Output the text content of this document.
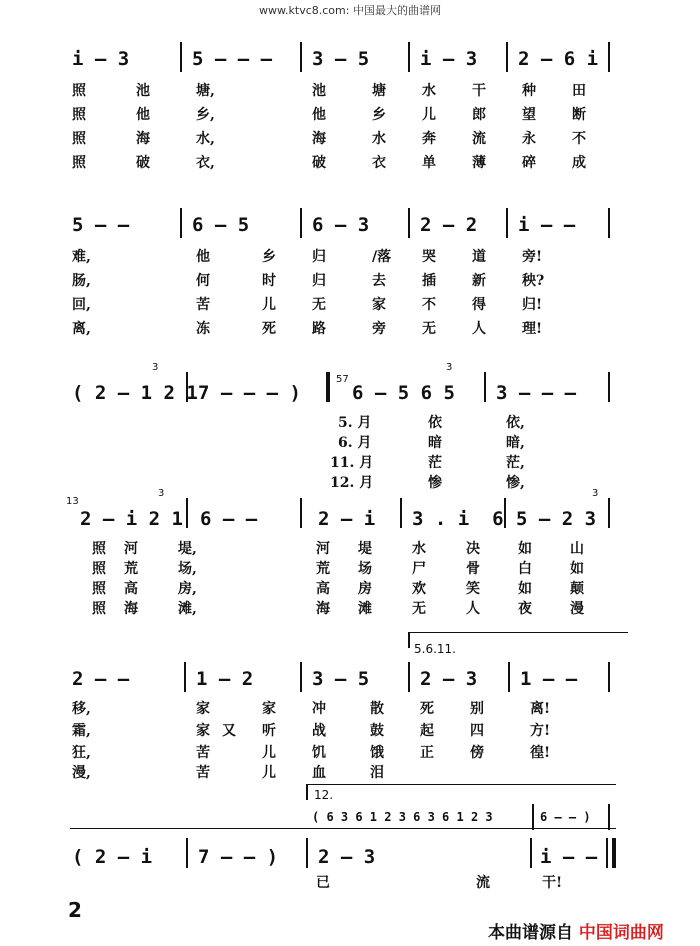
www.ktvc8.com: 中国最大的曲谱网
i — 3	5 — — — 3 — 5	i — 3 2 — 6 i
照	池	塘,	池	塘	水	干	种	田
照	他	乡,	他	乡	儿	郎	望	断
照	海	水,	海	水	奔	流	永	不
照	破	衣,	破	衣	单	薄	碎	成
5 — —	6 — 5	6 — 3	2 — 2 i — —
难,	他	乡	归	/落 哭	道	旁!
肠,	何	时	归	去	插	新	秧?
回,	苦	儿	无	家	不	得	归!
离,	冻	死	路	旁	无	人	理!
3	3
57
( 2 — 1 2 1 7 — — — )	6 — 5 6 5 3 — — —
5. 月	依	依,
6. 月	暗	暗,
11. 月	茫	茫,
12. 月	惨	惨,
13
3	3
2 — i 2 1 6 — —	2 — i 3 . i  6 5 — 2 3
照 河	堤,	河 堤	水	决	如	山
照 荒	场,	荒 场	尸	骨	白	如
照 高	房,	高 房	欢	笑	如	颠
照 海	滩,	海 滩	无	人	夜	漫
5.6.11.
2 — —	1 — 2	3 — 5	2 — 3 1 — —
移,	家	家	冲	散	死	别	离!
霜,	家 又 听	战	鼓	起	四	方!
狂,	苦	儿	饥	饿	正	傍	徨!
漫,	苦	儿	血	泪
12.
( 6 3 6 1 2 3 6 3 6 1 2 3	6 — — )
( 2 — i 7 — — ) 2 — 3	i — —
已	流	干!
2
本曲谱源自 中国词曲网
